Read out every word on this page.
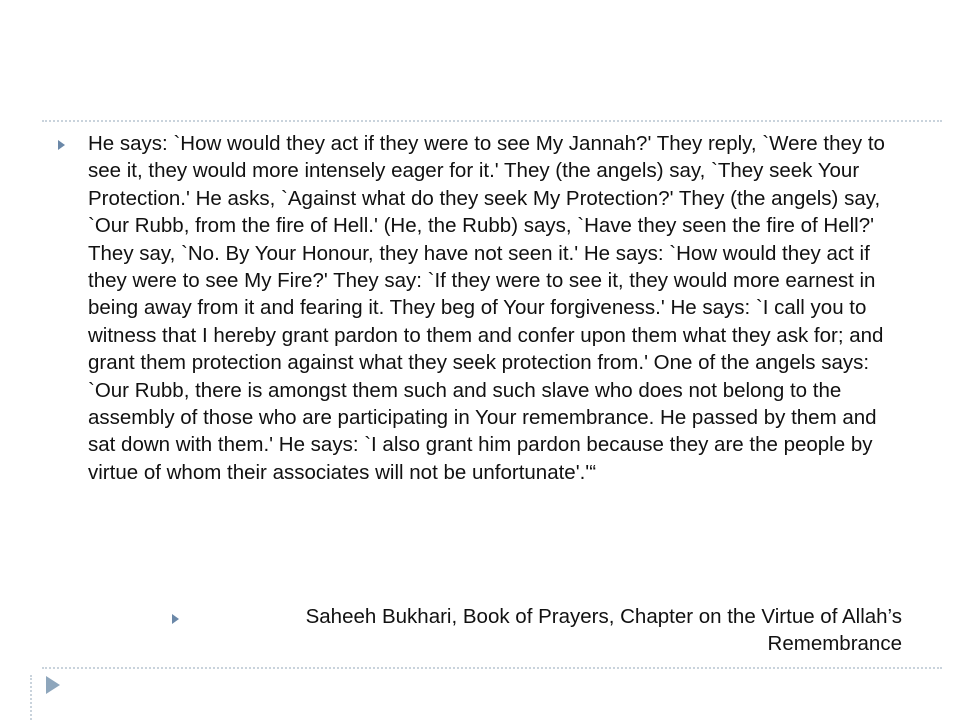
He says: `How would they act if they were to see My Jannah?' They reply, `Were they to see it, they would more intensely eager for it.' They (the angels) say, `They seek Your Protection.' He asks, `Against what do they seek My Protection?' They (the angels) say, `Our Rubb, from the fire of Hell.' (He, the Rubb) says, `Have they seen the fire of Hell?' They say, `No. By Your Honour, they have not seen it.' He says: `How would they act if they were to see My Fire?' They say: `If they were to see it, they would more earnest in being away from it and fearing it. They beg of Your forgiveness.' He says: `I call you to witness that I hereby grant pardon to them and confer upon them what they ask for; and grant them protection against what they seek protection from.' One of the angels says: `Our Rubb, there is amongst them such and such slave who does not belong to the assembly of those who are participating in Your remembrance. He passed by them and sat down with them.' He says: `I also grant him pardon because they are the people by virtue of whom their associates will not be unfortunate'.'“

Saheeh Bukhari, Book of Prayers, Chapter on the Virtue of Allah’s Remembrance
